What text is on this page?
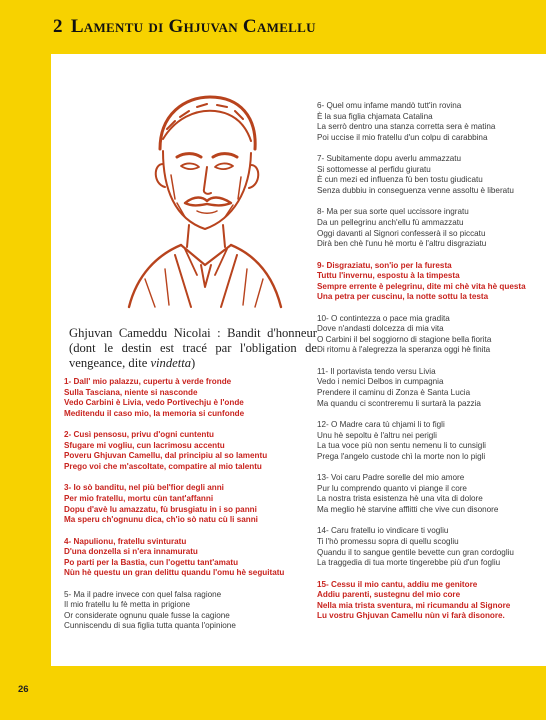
2 Lamentu di Ghjuvan Camellu

Ghjuvan Cameddu Nicolai : Bandit d'honneur (dont le destin est tracé par l'obligation de vengeance, dite vindetta)

1- Dall' mio palazzu, cupertu à verde fronde
Sulla Tasciana, niente si nasconde
Vedo Carbini è Livia, vedo Portivechju è l'onde
Meditendu il caso mio, la memoria si cunfonde
2- Cusì pensosu, privu d'ogni cuntentu
Sfugare mi vogliu, cun lacrimosu accentu
Poveru Ghjuvan Camellu, dal principiu al so lamentu
Prego voi che m'ascoltate, compatire al mio talentu
3- Io sò banditu, nel più bel'fior degli anni
Per mio fratellu, mortu cùn tant'affanni
Dopu d'avè lu amazzatu, fù brusgiatu in i so panni
Ma speru ch'ognunu dica, ch'io sò natu cù li sanni
4- Napulionu, fratellu svinturatu
D'una donzella si n'era innamuratu
Po parti per la Bastia, cun l'ogettu tant'amatu
Nùn hè questu un gran delittu quandu l'omu hè seguitatu
5- Ma il padre invece con quel falsa ragione
Il mio fratellu lu fè metta in prigione
Or considerate ognunu quale fusse la cagione
Cunniscendu di sua figlia tutta quanta l'opinione
6- Quel omu infame mandò tutt'in rovina
È la sua figlia chjamata Catalina
La serrò dentro una stanza corretta sera è matina
Poi uccise il mio fratellu d'un colpu di carabbina
7- Subitamente dopu averlu ammazzatu
Si sottomesse al perfidu giuratu
È cun mezi ed influenza fù ben tostu giudicatu
Senza dubbiu in conseguenza venne assoltu è liberatu
8- Ma per sua sorte quel uccissore ingratu
Da un pellegrinu anch'ellu fù ammazzatu
Oggi davanti al Signori confesserà il so piccatu
Dirà ben chè l'unu hè mortu è l'altru disgraziatu
9- Disgraziatu, son'io per la furesta
Tuttu l'invernu, espostu à la timpesta
Sempre errente è pelegrinu, dite mi chè vita hè questa
Una petra per cuscinu, la notte sottu la testa
10- O contintezza o pace mia gradita
Dove n'andasti dolcezza di mia vita
O Carbini il bel soggiorno di stagione bella fiorita
Di ritornu à l'alegrezza la speranza oggi hè finita
11- Il portavista tendo versu Livia
Vedo i nemici Delbos in cumpagnia
Prendere il caminu di Zonza è Santa Lucia
Ma quandu ci scontreremu li surtarà la pazzia
12- O Madre cara tù chjami li to figli
Unu hè sepoltu è l'altru nei perigli
La tua voce più non sentu nemenu li to cunsigli
Prega l'angelo custode chì la morte non lo pigli
13- Voi caru Padre sorelle del mio amore
Pur lu comprendo quanto vi piange il core
La nostra trista esistenza hè una vita di dolore
Ma meglio hè starvine afflitti che vive cun disonore
14- Caru fratellu io vindicare ti vogliu
Ti l'hò promessu sopra di quellu scogliu
Quandu il to sangue gentile bevette cun gran cordogliu
La traggedia di tua morte tingerebbe più d'un fogliu
15- Cessu il mio cantu, addiu me genitore
Addiu parenti, sustegnu del mio core
Nella mia trista sventura, mi ricumandu al Signore
Lu vostru Ghjuvan Camellu nùn vi farà disonore.

26
